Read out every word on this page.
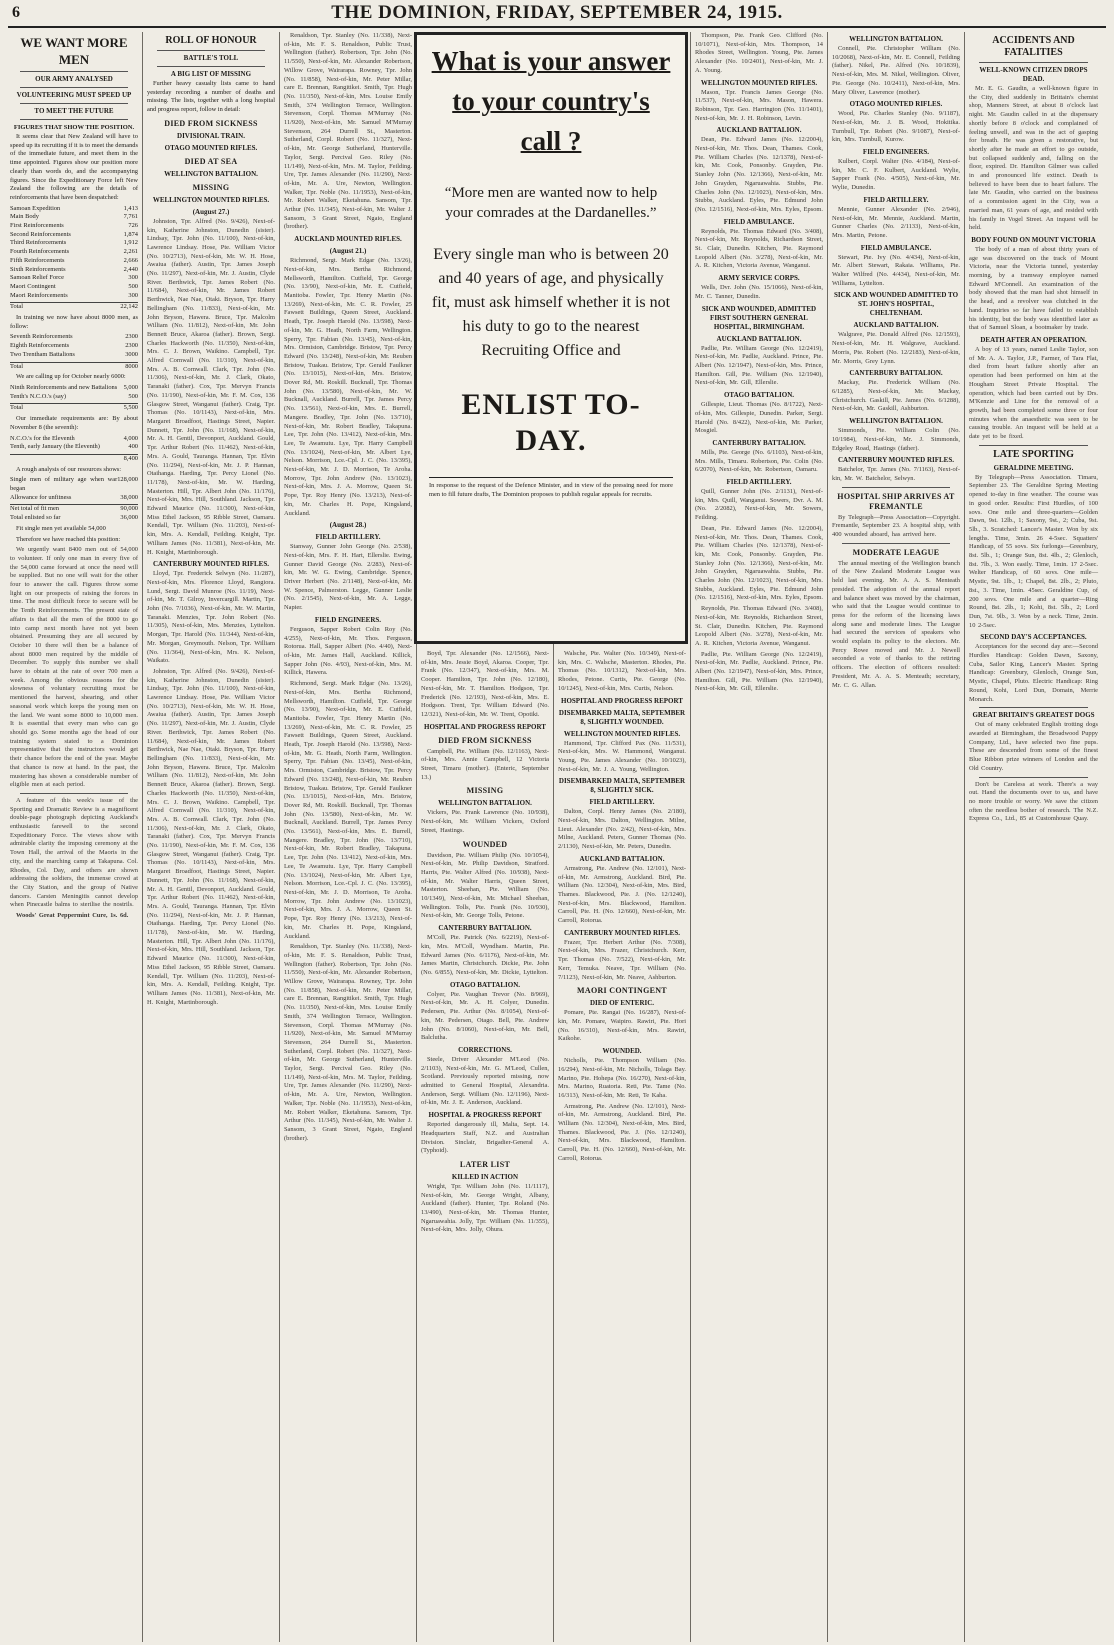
6	THE DOMINION, FRIDAY, SEPTEMBER 24, 1915.
WE WANT MORE MEN
OUR ARMY ANALYSED
VOLUNTEERING MUST SPEED UP
TO MEET THE FUTURE
FIGURES THAT SHOW THE POSITION.

It seems clear that New Zealand will have to speed up its recruiting if it is to meet the demands of the immediate future, and meet them in the time appointed. Figures show our position more clearly than words do, and the accompanying figures. Since the Expeditionary Force left New Zealand the following are the details of reinforcements that have been despatched:

Samoan Expedition	1,413
Main Body	7,761
First Reinforcements	726
Second Reinforcements	1,874
Third Reinforcements	1,912
Fourth Reinforcements	2,261
Fifth Reinforcements	2,666
Sixth Reinforcements	2,440
Samoan Relief Force	300
Maori Contingent	500
Maori Reinforcements	300
Total	22,142

In training we now have about 8000 men, as follow:

Seventh Reinforcements	2300
Eighth Reinforcements	2300
Two Trentham Battalions	3000
Total	8000

We are calling up for October nearly 6000:

Ninth Reinforcements and new Battalions 5,000
Tenth's N.C.O.'s (say)	500
Total	5,500

Our immediate requirements are: By about November 8 (the seventh):

N.C.O.'s for the Eleventh	4,000
Tenth, early January (the Eleventh)	400
8,400

A rough analysis of our resources shows:

Single men of military age when war began
128,000
Allowance for unfitness	38,000
Net total of fit men	90,000
Total enlisted so far	36,000

Fit single men yet available 54,000

Therefore we have reached this position:

We urgently want 8400 men out of 54,000 to volunteer. If only one man in every five of the 54,000 came forward at once the need will be supplied. But no one will wait for the other four to answer the call. Figures throw some light on our prospects of raising the forces in time. The most difficult force to secure will be the Tenth Reinforcements. The present state of affairs is that all the men of the 8000 to go into camp next month have not yet been obtained. Presuming they are all secured by October 10 there will then be a balance of about 8000 men required by the middle of December. To supply this number we shall have to obtain at the rate of over 700 men a week. Among the obvious reasons for the slowness of voluntary recruiting must be mentioned the harvest, shearing, and other seasonal work which keeps the young men on the land. We want some 8000 to 10,000 men. It is essential that every man who can go should go. Some months ago the head of our training system stated to a Dominion representative that the instructors would get their chance before the end of the year. Maybe that chance is now at hand. In the past, the mustering has shown a considerable number of eligible men at each period.

A feature of this week's issue of the Sporting and Dramatic Review is a magnificent double-page photograph depicting Auckland's enthusiastic farewell to the second Expeditionary Force. The views show with admirable clarity the imposing ceremony at the Town Hall, the arrival of the Maoris in the city, and the marching camp at Takapuna. Col. Rhodes, Col. Day, and others are shown addressing the soldiers, the immense crowd at the City Station, and the group of Native dancers. Carsten Meningitis cannot develop when Pinecastle balms to sterilise the nostrils.

Woods' Great Peppermint Cure, 1s. 6d.

ROLL OF HONOUR
BATTLE'S TOLL
A BIG LIST OF MISSING

Further heavy casualty lists came to hand yesterday recording a number of deaths and missing. The lists, together with a long hospital and progress report, follow in detail:

DIED FROM SICKNESS
DIVISIONAL TRAIN.
OTAGO MOUNTED RIFLES.
DIED AT SEA
WELLINGTON BATTALION.
MISSING
WELLINGTON MOUNTED RIFLES.
(August 27.)

Johnston, Tpr. Alfred (No. 9/426), Next-of-kin, Katherine Johnston, Dunedin (sister). Lindsay, Tpr. John (No. 11/100), Next-of-kin, Lawrence Lindsay. Hose, Pte. William Victor (No. 10/2713), Next-of-kin, Mr. W. H. Hose, Awaiua (father). Austin, Tpr. James Joseph (No. 11/297), Next-of-kin, Mr. J. Austin, Clyde River. Berthwick, Tpr. James Robert (No. 11/684), Next-of-kin, Mr. James Robert Berthwick, Nae Nae, Otaki. Bryson, Tpr. Harry Bellingham (No. 11/833), Next-of-kin, Mr. John Bryson, Hawera. Bruce, Tpr. Malcolm William (No. 11/812), Next-of-kin, Mr. John Bennett Bruce, Akaroa (father). Brown, Sergt. Charles Hackworth (No. 11/350), Next-of-kin, Mrs. C. J. Brown, Waikino. Campbell, Tpr. Alfred Cornwall (No. 11/310), Next-of-kin, Mrs. A. B. Cornwall. Clark, Tpr. John (No. 11/306), Next-of-kin, Mr. J. Clark, Okato, Taranaki (father). Cox, Tpr. Mervyn Francis (No. 11/190), Next-of-kin, Mr. F. M. Cox, 136 Glasgow Street, Wanganui (father). Craig, Tpr. Thomas (No. 10/1143), Next-of-kin, Mrs. Margaret Broadfoot, Hastings Street, Napier. Dunnett, Tpr. John (No. 11/168), Next-of-kin, Mr. A. H. Gentil, Devonport, Auckland. Gould, Tpr. Arthur Robert (No. 11/462), Next-of-kin, Mrs. A. Gould, Tauranga. Hannan, Tpr. Elvin (No. 11/294), Next-of-kin, Mr. J. P. Hannan, Otaihanga. Harding, Tpr. Percy Lionel (No. 11/178), Next-of-kin, Mr. W. Harding, Masterton. Hill, Tpr. Albert John (No. 11/176), Next-of-kin, Mrs. Hill, Southland. Jackson, Tpr. Edward Maurice (No. 11/300), Next-of-kin, Miss Ethel Jackson, 95 Ribble Street, Oamaru. Kendall, Tpr. William (No. 11/203), Next-of-kin, Mrs. A. Kendall, Feilding. Knight, Tpr. William James (No. 11/381), Next-of-kin, Mr. H. Knight, Martinborough.

CANTERBURY MOUNTED RIFLES.

Lloyd, Tpr. Frederick Selwyn (No. 11/287), Next-of-kin, Mrs. Florence Lloyd, Rangiora. Lund, Sergt. David Munroe (No. 11/19), Next-of-kin, Mr. T. Gilroy, Invercargill. Martin, Tpr. John (No. 7/1036), Next-of-kin, Mr. W. Martin, Taranaki. Menzies, Tpr. John Robert (No. 11/305), Next-of-kin, Mrs. Menzies, Lyttelton. Morgan, Tpr. Harold (No. 11/344), Next-of-kin, Mr. Morgan, Greymouth. Nelson, Tpr. William (No. 11/364), Next-of-kin, Mrs. K. Nelson, Waikato.

Johnston, Tpr. Alfred (No. 9/426), Next-of-kin, Katherine Johnston, Dunedin (sister). Lindsay, Tpr. John (No. 11/100), Next-of-kin, Lawrence Lindsay. Hose, Pte. William Victor (No. 10/2713), Next-of-kin, Mr. W. H. Hose, Awaiua (father). Austin, Tpr. James Joseph (No. 11/297), Next-of-kin, Mr. J. Austin, Clyde River. Berthwick, Tpr. James Robert (No. 11/684), Next-of-kin, Mr. James Robert Berthwick, Nae Nae, Otaki. Bryson, Tpr. Harry Bellingham (No. 11/833), Next-of-kin, Mr. John Bryson, Hawera. Bruce, Tpr. Malcolm William (No. 11/812), Next-of-kin, Mr. John Bennett Bruce, Akaroa (father). Brown, Sergt. Charles Hackworth (No. 11/350), Next-of-kin, Mrs. C. J. Brown, Waikino. Campbell, Tpr. Alfred Cornwall (No. 11/310), Next-of-kin, Mrs. A. B. Cornwall. Clark, Tpr. John (No. 11/306), Next-of-kin, Mr. J. Clark, Okato, Taranaki (father). Cox, Tpr. Mervyn Francis (No. 11/190), Next-of-kin, Mr. F. M. Cox, 136 Glasgow Street, Wanganui (father). Craig, Tpr. Thomas (No. 10/1143), Next-of-kin, Mrs. Margaret Broadfoot, Hastings Street, Napier. Dunnett, Tpr. John (No. 11/168), Next-of-kin, Mr. A. H. Gentil, Devonport, Auckland. Gould, Tpr. Arthur Robert (No. 11/462), Next-of-kin, Mrs. A. Gould, Tauranga. Hannan, Tpr. Elvin (No. 11/294), Next-of-kin, Mr. J. P. Hannan, Otaihanga. Harding, Tpr. Percy Lionel (No. 11/178), Next-of-kin, Mr. W. Harding, Masterton. Hill, Tpr. Albert John (No. 11/176), Next-of-kin, Mrs. Hill, Southland. Jackson, Tpr. Edward Maurice (No. 11/300), Next-of-kin, Miss Ethel Jackson, 95 Ribble Street, Oamaru. Kendall, Tpr. William (No. 11/203), Next-of-kin, Mrs. A. Kendall, Feilding. Knight, Tpr. William James (No. 11/381), Next-of-kin, Mr. H. Knight, Martinborough.

Renaldson, Tpr. Stanley (No. 11/338), Next-of-kin, Mr. F. S. Renaldson, Public Trust, Wellington (father). Robertson, Tpr. John (No. 11/550), Next-of-kin, Mr. Alexander Robertson, Willow Grove, Wairarapa. Rowney, Tpr. John (No. 11/858), Next-of-kin, Mr. Peter Millar, care E. Brennan, Rangitikei. Smith, Tpr. Hugh (No. 11/350), Next-of-kin, Mrs. Louise Emily Smith, 374 Wellington Terrace, Wellington. Stevenson, Corpl. Thomas M'Murray (No. 11/920), Next-of-kin, Mr. Samuel M'Murray Stevenson, 264 Durrell St., Masterton. Sutherland, Corpl. Robert (No. 11/327), Next-of-kin, Mr. George Sutherland, Hunterville. Taylor, Sergt. Percival Geo. Riley (No. 11/149), Next-of-kin, Mrs. M. Taylor, Feilding. Ure, Tpr. James Alexander (No. 11/290), Next-of-kin, Mr. A. Ure, Newton, Wellington. Walker, Tpr. Noble (No. 11/1953), Next-of-kin, Mr. Robert Walker, Eketahuna. Sansom, Tpr. Arthur (No. 11/345), Next-of-kin, Mr. Walter J. Sansom, 3 Grant Street, Ngaio, England (brother).

AUCKLAND MOUNTED RIFLES.
(August 21.)

Richmond, Sergt. Mark Edgar (No. 13/26), Next-of-kin, Mrs. Bertha Richmond, Mellsworth, Hamilton. Cutfield, Tpr. George (No. 13/90), Next-of-kin, Mr. E. Cutfield, Manitoba. Fowler, Tpr. Henry Martin (No. 13/269), Next-of-kin, Mr. C. R. Fowler, 25 Fawsett Buildings, Queen Street, Auckland. Heath, Tpr. Joseph Harold (No. 13/598), Next-of-kin, Mr. G. Heath, North Farm, Wellington. Sperry, Tpr. Fabian (No. 13/45), Next-of-kin, Mrs. Ormiston, Cambridge. Bristow, Tpr. Percy Edward (No. 13/248), Next-of-kin, Mr. Reuben Bristow, Tuakau. Bristow, Tpr. Gerald Faulkner (No. 13/1015), Next-of-kin, Mrs. Bristow, Dover Rd, Mt. Roskill. Bucknall, Tpr. Thomas John (No. 13/580), Next-of-kin, Mr. W. Bucknall, Auckland. Burrell, Tpr. James Percy (No. 13/561), Next-of-kin, Mrs. E. Burrell, Mangere. Bradley, Tpr. John (No. 13/710), Next-of-kin, Mr. Robert Bradley, Takapuna. Lee, Tpr. John (No. 13/412), Next-of-kin, Mrs. Lee, Te Awamutu. Lye, Tpr. Harry Campbell (No. 13/1024), Next-of-kin, Mr. Albert Lye, Nelson. Morrison, Lce.-Cpl. J. C. (No. 13/395), Next-of-kin, Mr. J. D. Morrison, Te Aroha. Morrow, Tpr. John Andrew (No. 13/1023), Next-of-kin, Mrs. J. A. Morrow, Queen St. Pope, Tpr. Roy Henry (No. 13/213), Next-of-kin, Mr. Charles H. Pope, Kingsland, Auckland.

(August 28.)
FIELD ARTILLERY.

Stanway, Gunner John George (No. 2/538), Next-of-kin, Mrs. F. H. Hart, Ellerslie. Ewing, Gunner David George (No. 2/283), Next-of-kin, Mr. W. G. Ewing, Cambridge. Spence, Driver Herbert (No. 2/1148), Next-of-kin, Mr. W. Spence, Palmerston. Legge, Gunner Leslie (No. 2/1545), Next-of-kin, Mr. A. Legge, Napier.

FIELD ENGINEERS.

Ferguson, Sapper Robert Colin Roy (No. 4/255), Next-of-kin, Mr. Thos. Ferguson, Rotorua. Hall, Sapper Albert (No. 4/40), Next-of-kin, Mr. James Hall, Auckland. Killick, Sapper John (No. 4/93), Next-of-kin, Mrs. M. Killick, Hawera.

Richmond, Sergt. Mark Edgar (No. 13/26), Next-of-kin, Mrs. Bertha Richmond, Mellsworth, Hamilton. Cutfield, Tpr. George (No. 13/90), Next-of-kin, Mr. E. Cutfield, Manitoba. Fowler, Tpr. Henry Martin (No. 13/269), Next-of-kin, Mr. C. R. Fowler, 25 Fawsett Buildings, Queen Street, Auckland. Heath, Tpr. Joseph Harold (No. 13/598), Next-of-kin, Mr. G. Heath, North Farm, Wellington. Sperry, Tpr. Fabian (No. 13/45), Next-of-kin, Mrs. Ormiston, Cambridge. Bristow, Tpr. Percy Edward (No. 13/248), Next-of-kin, Mr. Reuben Bristow, Tuakau. Bristow, Tpr. Gerald Faulkner (No. 13/1015), Next-of-kin, Mrs. Bristow, Dover Rd, Mt. Roskill. Bucknall, Tpr. Thomas John (No. 13/580), Next-of-kin, Mr. W. Bucknall, Auckland. Burrell, Tpr. James Percy (No. 13/561), Next-of-kin, Mrs. E. Burrell, Mangere. Bradley, Tpr. John (No. 13/710), Next-of-kin, Mr. Robert Bradley, Takapuna. Lee, Tpr. John (No. 13/412), Next-of-kin, Mrs. Lee, Te Awamutu. Lye, Tpr. Harry Campbell (No. 13/1024), Next-of-kin, Mr. Albert Lye, Nelson. Morrison, Lce.-Cpl. J. C. (No. 13/395), Next-of-kin, Mr. J. D. Morrison, Te Aroha. Morrow, Tpr. John Andrew (No. 13/1023), Next-of-kin, Mrs. J. A. Morrow, Queen St. Pope, Tpr. Roy Henry (No. 13/213), Next-of-kin, Mr. Charles H. Pope, Kingsland, Auckland.

Renaldson, Tpr. Stanley (No. 11/338), Next-of-kin, Mr. F. S. Renaldson, Public Trust, Wellington (father). Robertson, Tpr. John (No. 11/550), Next-of-kin, Mr. Alexander Robertson, Willow Grove, Wairarapa. Rowney, Tpr. John (No. 11/858), Next-of-kin, Mr. Peter Millar, care E. Brennan, Rangitikei. Smith, Tpr. Hugh (No. 11/350), Next-of-kin, Mrs. Louise Emily Smith, 374 Wellington Terrace, Wellington. Stevenson, Corpl. Thomas M'Murray (No. 11/920), Next-of-kin, Mr. Samuel M'Murray Stevenson, 264 Durrell St., Masterton. Sutherland, Corpl. Robert (No. 11/327), Next-of-kin, Mr. George Sutherland, Hunterville. Taylor, Sergt. Percival Geo. Riley (No. 11/149), Next-of-kin, Mrs. M. Taylor, Feilding. Ure, Tpr. James Alexander (No. 11/290), Next-of-kin, Mr. A. Ure, Newton, Wellington. Walker, Tpr. Noble (No. 11/1953), Next-of-kin, Mr. Robert Walker, Eketahuna. Sansom, Tpr. Arthur (No. 11/345), Next-of-kin, Mr. Walter J. Sansom, 3 Grant Street, Ngaio, England (brother).

Boyd, Tpr. Alexander (No. 12/1566), Next-of-kin, Mrs. Jessie Boyd, Akaroa. Cooper, Tpr. Frank (No. 12/347), Next-of-kin, Mrs. M. Cooper. Hamilton, Tpr. John (No. 12/180), Next-of-kin, Mr. T. Hamilton. Hodgson, Tpr. Frederick (No. 12/193), Next-of-kin, Mrs. E. Hodgson. Trent, Tpr. William Edward (No. 12/321), Next-of-kin, Mr. W. Trent, Opotiki.

HOSPITAL AND PROGRESS REPORT
DIED FROM SICKNESS

Campbell, Pte. William (No. 12/1163), Next-of-kin, Mrs. Annie Campbell, 12 Victoria Street, Timaru (mother). (Enteric, September 13.)

MISSING
WELLINGTON BATTALION.

Vickers, Pte. Frank Lawrence (No. 10/938), Next-of-kin, Mr. William Vickers, Oxford Street, Hastings.

WOUNDED

Davidson, Pte. William Philip (No. 10/1054), Next-of-kin, Mr. Philip Davidson, Stratford. Harris, Pte. Walter Alfred (No. 10/938), Next-of-kin, Mr. Walter Harris, Queen Street, Masterton. Sheehan, Pte. William (No. 10/1349), Next-of-kin, Mr. Michael Sheehan, Wellington. Tolls, Pte. Frank (No. 10/930), Next-of-kin, Mr. George Tolls, Petone.

CANTERBURY BATTALION.

M'Coll, Pte. Patrick (No. 6/2219), Next-of-kin, Mrs. M'Coll, Wyndham. Martin, Pte. Edward James (No. 6/1176), Next-of-kin, Mr. James Martin, Christchurch. Dickie, Pte. John (No. 6/855), Next-of-kin, Mr. Dickie, Lyttelton.

OTAGO BATTALION.

Colyer, Pte. Vaughan Trevor (No. 8/969), Next-of-kin, Mr. A. H. Colyer, Dunedin. Pedersen, Pte. Arthur (No. 8/1054), Next-of-kin, Mr. Pedersen, Otago. Bell, Pte. Andrew John (No. 8/1060), Next-of-kin, Mr. Bell, Balclutha.

CORRECTIONS.

Steele, Driver Alexander M'Leod (No. 2/1103), Next-of-kin, Mr. G. M'Leod, Cullen, Scotland. Previously reported missing, now admitted to General Hospital, Alexandria. Anderson, Sergt. William (No. 12/1196), Next-of-kin, Mr. J. E. Anderson, Auckland.

HOSPITAL & PROGRESS REPORT

Reported dangerously ill, Malta, Sept. 14. Headquarters Staff, N.Z. and Australian Division. Sinclair, Brigadier-General A. (Typhoid).

LATER LIST
KILLED IN ACTION

Wright, Tpr. William John (No. 11/1117), Next-of-kin, Mr. George Wright, Albany, Auckland (father). Hunter, Tpr. Roland (No. 13/490), Next-of-kin, Mr. Thomas Hunter, Ngaruawahia. Jolly, Tpr. William (No. 11/355), Next-of-kin, Mrs. Jolly, Ohura.

Walsche, Pte. Walter (No. 10/349), Next-of-kin, Mrs. C. Walsche, Masterton. Rhodes, Pte. Thomas (No. 10/1312), Next-of-kin, Mrs. Rhodes, Petone. Curtis, Pte. George (No. 10/1245), Next-of-kin, Mrs. Curtis, Nelson.

HOSPITAL AND PROGRESS REPORT
DISEMBARKED MALTA, SEPTEMBER 8, SLIGHTLY WOUNDED.
WELLINGTON MOUNTED RIFLES.

Hammond, Tpr. Clifford Pax (No. 11/531), Next-of-kin, Mrs. W. Hammond, Wanganui. Young, Pte. James Alexander (No. 10/1023), Next-of-kin, Mr. J. A. Young, Wellington.

DISEMBARKED MALTA, SEPTEMBER 8, SLIGHTLY SICK.
FIELD ARTILLERY.

Dalton, Corpl. Henry James (No. 2/180), Next-of-kin, Mrs. Dalton, Wellington. Milne, Lieut. Alexander (No. 2/42), Next-of-kin, Mrs. Milne, Auckland. Peters, Gunner Thomas (No. 2/1130), Next-of-kin, Mr. Peters, Dunedin.

AUCKLAND BATTALION.

Armstrong, Pte. Andrew (No. 12/101), Next-of-kin, Mr. Armstrong, Auckland. Bird, Pte. William (No. 12/304), Next-of-kin, Mrs. Bird, Thames. Blackwood, Pte. J. (No. 12/1240), Next-of-kin, Mrs. Blackwood, Hamilton. Carroll, Pte. H. (No. 12/660), Next-of-kin, Mr. Carroll, Rotorua.

CANTERBURY MOUNTED RIFLES.

Frazer, Tpr. Herbert Arthur (No. 7/308), Next-of-kin, Mrs. Frazer, Christchurch. Kerr, Tpr. Thomas (No. 7/522), Next-of-kin, Mr. Kerr, Temuka. Neave, Tpr. William (No. 7/1123), Next-of-kin, Mr. Neave, Ashburton.

MAORI CONTINGENT
DIED OF ENTERIC.

Pomare, Pte. Rangai (No. 16/287), Next-of-kin, Mr. Pomare, Waipiro. Rawiri, Pte. Hori (No. 16/310), Next-of-kin, Mrs. Rawiri, Kaikohe.

WOUNDED.

Nicholls, Pte. Thompson William (No. 16/294), Next-of-kin, Mr. Nicholls, Tolaga Bay. Marino, Pte. Hohepa (No. 16/270), Next-of-kin, Mrs. Marino, Ruatoria. Reti, Pte. Tame (No. 16/313), Next-of-kin, Mr. Reti, Te Kaha.

Armstrong, Pte. Andrew (No. 12/101), Next-of-kin, Mr. Armstrong, Auckland. Bird, Pte. William (No. 12/304), Next-of-kin, Mrs. Bird, Thames. Blackwood, Pte. J. (No. 12/1240), Next-of-kin, Mrs. Blackwood, Hamilton. Carroll, Pte. H. (No. 12/660), Next-of-kin, Mr. Carroll, Rotorua.

Thompson, Pte. Frank Geo. Clifford (No. 10/1071), Next-of-kin, Mrs. Thompson, 14 Rhodes Street, Wellington. Young, Pte. James Alexander (No. 10/2401), Next-of-kin, Mr. J. A. Young.

WELLINGTON MOUNTED RIFLES.

Mason, Tpr. Francis James George (No. 11/537), Next-of-kin, Mrs. Mason, Hawera. Robinson, Tpr. Geo. Harrington (No. 11/1401), Next-of-kin, Mr. J. H. Robinson, Levin.

AUCKLAND BATTALION.

Dean, Pte. Edward James (No. 12/2004), Next-of-kin, Mr. Thos. Dean, Thames. Cook, Pte. William Charles (No. 12/1378), Next-of-kin, Mr. Cook, Ponsonby. Grayden, Pte. Stanley John (No. 12/1366), Next-of-kin, Mr. John Grayden, Ngaruawahia. Stubbs, Pte. Charles John (No. 12/1023), Next-of-kin, Mrs. Stubbs, Auckland. Eyles, Pte. Edmund John (No. 12/1516), Next-of-kin, Mrs. Eyles, Epsom.

FIELD AMBULANCE.

Reynolds, Pte. Thomas Edward (No. 3/408), Next-of-kin, Mr. Reynolds, Richardson Street, St. Clair, Dunedin. Kitchen, Pte. Raymond Leopold Albert (No. 3/278), Next-of-kin, Mr. A. R. Kitchen, Victoria Avenue, Wanganui.

ARMY SERVICE CORPS.

Wells, Dvr. John (No. 15/1066), Next-of-kin, Mr. C. Tanner, Dunedin.

SICK AND WOUNDED, ADMITTED FIRST SOUTHERN GENERAL HOSPITAL, BIRMINGHAM.
AUCKLAND BATTALION.

Padlie, Pte. William George (No. 12/2419), Next-of-kin, Mr. Padlie, Auckland. Prince, Pte. Albert (No. 12/1947), Next-of-kin, Mrs. Prince, Hamilton. Gill, Pte. William (No. 12/1940), Next-of-kin, Mr. Gill, Ellerslie.

OTAGO BATTALION.

Gillespie, Lieut. Thomas (No. 8/1722), Next-of-kin, Mrs. Gillespie, Dunedin. Parker, Sergt. Harold (No. 8/422), Next-of-kin, Mr. Parker, Mosgiel.

CANTERBURY BATTALION.

Mills, Pte. George (No. 6/1103), Next-of-kin, Mrs. Mills, Timaru. Robertson, Pte. Colin (No. 6/2070), Next-of-kin, Mr. Robertson, Oamaru.

FIELD ARTILLERY.

Quill, Gunner John (No. 2/1131), Next-of-kin, Mrs. Quill, Wanganui. Sowers, Dvr. A. M. (No. 2/2082), Next-of-kin, Mr. Sowers, Feilding.

Dean, Pte. Edward James (No. 12/2004), Next-of-kin, Mr. Thos. Dean, Thames. Cook, Pte. William Charles (No. 12/1378), Next-of-kin, Mr. Cook, Ponsonby. Grayden, Pte. Stanley John (No. 12/1366), Next-of-kin, Mr. John Grayden, Ngaruawahia. Stubbs, Pte. Charles John (No. 12/1023), Next-of-kin, Mrs. Stubbs, Auckland. Eyles, Pte. Edmund John (No. 12/1516), Next-of-kin, Mrs. Eyles, Epsom.

Reynolds, Pte. Thomas Edward (No. 3/408), Next-of-kin, Mr. Reynolds, Richardson Street, St. Clair, Dunedin. Kitchen, Pte. Raymond Leopold Albert (No. 3/278), Next-of-kin, Mr. A. R. Kitchen, Victoria Avenue, Wanganui.

Padlie, Pte. William George (No. 12/2419), Next-of-kin, Mr. Padlie, Auckland. Prince, Pte. Albert (No. 12/1947), Next-of-kin, Mrs. Prince, Hamilton. Gill, Pte. William (No. 12/1940), Next-of-kin, Mr. Gill, Ellerslie.

WELLINGTON BATTALION.

Connell, Pte. Christopher William (No. 10/2068), Next-of-kin, Mr. E. Connell, Feilding (father). Nikel, Pte. Alfred (No. 10/1839), Next-of-kin, Mrs. M. Nikel, Wellington. Oliver, Pte. George (No. 10/2411), Next-of-kin, Mrs. Mary Oliver, Lawrence (mother).

OTAGO MOUNTED RIFLES.

Wood, Pte. Charles Stanley (No. 9/1187), Next-of-kin, Mr. J. B. Wood, Hokitika. Turnbull, Tpr. Robert (No. 9/1087), Next-of-kin, Mrs. Turnbull, Kurow.

FIELD ENGINEERS.

Kulbert, Corpl. Walter (No. 4/184), Next-of-kin, Mr. C. F. Kulbert, Auckland. Wylie, Sapper Frank (No. 4/505), Next-of-kin, Mr. Wylie, Dunedin.

FIELD ARTILLERY.

Mennie, Gunner Alexander (No. 2/946), Next-of-kin, Mr. Mennie, Auckland. Martin, Gunner Charles (No. 2/1133), Next-of-kin, Mrs. Martin, Petone.

FIELD AMBULANCE.

Stewart, Pte. Ivy (No. 4/434), Next-of-kin, Mr. Albert Stewart, Rakaia. Williams, Pte. Walter Wilfred (No. 4/434), Next-of-kin, Mr. Williams, Lyttelton.

SICK AND WOUNDED ADMITTED TO ST. JOHN'S HOSPITAL, CHELTENHAM.
AUCKLAND BATTALION.

Walgrave, Pte. Donald Alfred (No. 12/1593), Next-of-kin, Mr. H. Walgrave, Auckland. Morris, Pte. Robert (No. 12/2183), Next-of-kin, Mr. Morris, Grey Lynn.

CANTERBURY BATTALION.

Mackay, Pte. Frederick William (No. 6/1285), Next-of-kin, Mr. Mackay, Christchurch. Gaskill, Pte. James (No. 6/1288), Next-of-kin, Mr. Gaskill, Ashburton.

WELLINGTON BATTALION.

Simmonds, Pte. William Colin (No. 10/1984), Next-of-kin, Mr. J. Simmonds, Edgeley Road, Hastings (father).

CANTERBURY MOUNTED RIFLES.

Batchelor, Tpr. James (No. 7/1163), Next-of-kin, Mr. W. Batchelor, Selwyn.

HOSPITAL SHIP ARRIVES AT FREMANTLE

By Telegraph—Press Association—Copyright. Fremantle, September 23. A hospital ship, with 400 wounded aboard, has arrived here.

MODERATE LEAGUE

The annual meeting of the Wellington branch of the New Zealand Moderate League was held last evening. Mr. A. A. S. Menteath presided. The adoption of the annual report and balance sheet was moved by the chairman, who said that the League would continue to press for the reform of the licensing laws along sane and moderate lines. The League had secured the services of speakers who would explain its policy to the electors. Mr. Percy Rowe moved and Mr. J. Newell seconded a vote of thanks to the retiring officers. The election of officers resulted: President, Mr. A. A. S. Menteath; secretary, Mr. C. G. Allan.

ACCIDENTS AND FATALITIES
WELL-KNOWN CITIZEN DROPS DEAD.

Mr. E. G. Gaudin, a well-known figure in the City, died suddenly in Brittain's chemist shop, Manners Street, at about 8 o'clock last night. Mr. Gaudin called in at the dispensary shortly before 8 o'clock and complained of feeling unwell, and was in the act of gasping for breath. He was given a restorative, but shortly after he made an effort to go outside, but collapsed suddenly and, falling on the floor, expired. Dr. Hamilton Gilmer was called in and pronounced life extinct. Death is believed to have been due to heart failure. The late Mr. Gaudin, who carried on the business of a commission agent in the City, was a married man, 61 years of age, and resided with his family in Vogel Street. An inquest will be held.

BODY FOUND ON MOUNT VICTORIA

The body of a man of about thirty years of age was discovered on the track of Mount Victoria, near the Victoria tunnel, yesterday morning, by a tramway employee named Edward M'Connell. An examination of the body showed that the man had shot himself in the head, and a revolver was clutched in the hand. Inquiries so far have failed to establish his identity, but the body was identified later as that of Samuel Sloan, a bootmaker by trade.

DEATH AFTER AN OPERATION.

A boy of 13 years, named Leslie Taylor, son of Mr. A. A. Taylor, J.P., Farmer, of Tara Flat, died from heart failure shortly after an operation had been performed on him at the Hougham Street Private Hospital. The operation, which had been carried out by Drs. M'Kenzie and Line for the removal of a growth, had been completed some three or four minutes when the anaesthetic was seen to be causing trouble. An inquest will be held at a date yet to be fixed.

LATE SPORTING
GERALDINE MEETING.

By Telegraph—Press Association. Timaru, September 23. The Geraldine Spring Meeting opened to-day in fine weather. The course was in good order. Results: First Hurdles, of 100 sovs. One mile and three-quarters—Golden Dawn, 9st. 12lb., 1; Saxony, 9st., 2; Cuba, 9st. 5lb., 3. Scratched: Lancer's Master. Won by six lengths. Time, 3min. 26 4-5sec. Squatters' Handicap, of 55 sovs. Six furlongs—Greenbury, 8st. 5lb., 1; Orange Sun, 8st. 4lb., 2; Glenloch, 8st. 7lb., 3. Won easily. Time, 1min. 17 2-5sec. Welter Handicap, of 60 sovs. One mile—Mystic, 9st. 1lb., 1; Chapel, 8st. 2lb., 2; Pluto, 8st., 3. Time, 1min. 45sec. Geraldine Cup, of 200 sovs. One mile and a quarter—Ring Round, 8st. 2lb., 1; Kohi, 8st. 5lb., 2; Lord Dun, 7st. 9lb., 3. Won by a neck. Time, 2min. 10 2-5sec.

SECOND DAY'S ACCEPTANCES.

Acceptances for the second day are:—Second Hurdles Handicap: Golden Dawn, Saxony, Cuba, Sailor King, Lancer's Master. Spring Handicap: Greenbury, Glenloch, Orange Sun, Mystic, Chapel, Pluto. Electric Handicap: Ring Round, Kohi, Lord Dun, Domain, Merrie Monarch.

GREAT BRITAIN'S GREATEST DOGS

Out of many celebrated English trotting dogs awarded at Birmingham, the Broadwood Puppy Company, Ltd., have selected two fine pups. These are descended from some of the finest Blue Ribbon prize winners of London and the Old Country.

Don't be Careless at work. There's a way out. Hand the documents over to us, and have no more trouble or worry. We save the citizen often the needless bother of research. The N.Z. Express Co., Ltd., 85 at Customhouse Quay.

What is your answer to your country's call ?
“More men are wanted now to help your comrades at the Dardanelles.”
Every single man who is between 20 and 40 years of age, and physically fit, must ask himself whether it is not his duty to go to the nearest Recruiting Office and
ENLIST TO-DAY.
In response to the request of the Defence Minister, and in view of the pressing need for more men to fill future drafts, The Dominion proposes to publish regular appeals for recruits.
